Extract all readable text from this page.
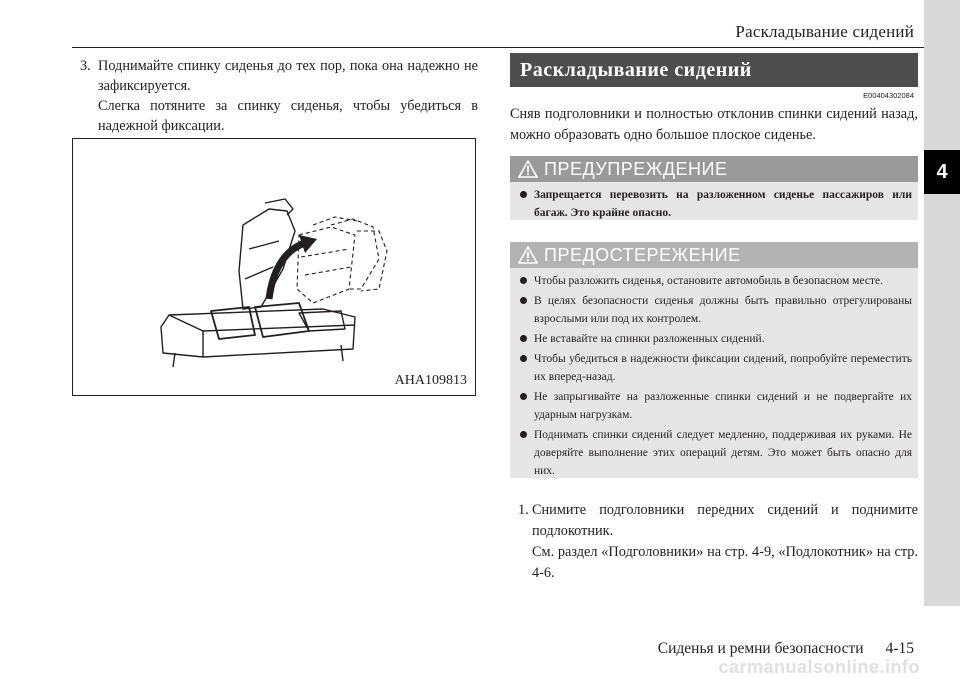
Раскладывание сидений
4
3. Поднимайте спинку сиденья до тех пор, пока она надежно не зафиксируется.

Слегка потяните за спинку сиденья, чтобы убедиться в надежной фиксации.

AHA109813
Раскладывание сидений
E00404302084

Сняв подголовники и полностью отклонив спинки сидений назад, можно образовать одно большое плоское сиденье.

ПРЕДУПРЕЖДЕНИЕ
Запрещается перевозить на разложенном сиденье пассажиров или багаж. Это крайне опасно.
ПРЕДОСТЕРЕЖЕНИЕ
Чтобы разложить сиденья, остановите автомобиль в безопасном месте.
В целях безопасности сиденья должны быть правильно отрегулированы взрослыми или под их контролем.
Не вставайте на спинки разложенных сидений.
Чтобы убедиться в надежности фиксации сидений, попробуйте переместить их вперед-назад.
Не запрыгивайте на разложенные спинки сидений и не подвергайте их ударным нагрузкам.
Поднимать спинки сидений следует медленно, поддерживая их руками. Не доверяйте выполнение этих операций детям. Это может быть опасно для них.
1. Снимите подголовники передних сидений и поднимите подлокотник.

См. раздел «Подголовники» на стр. 4-9, «Подлокотник» на стр. 4-6.

Сиденья и ремни безопасности 4-15
carmanualsonline.info
